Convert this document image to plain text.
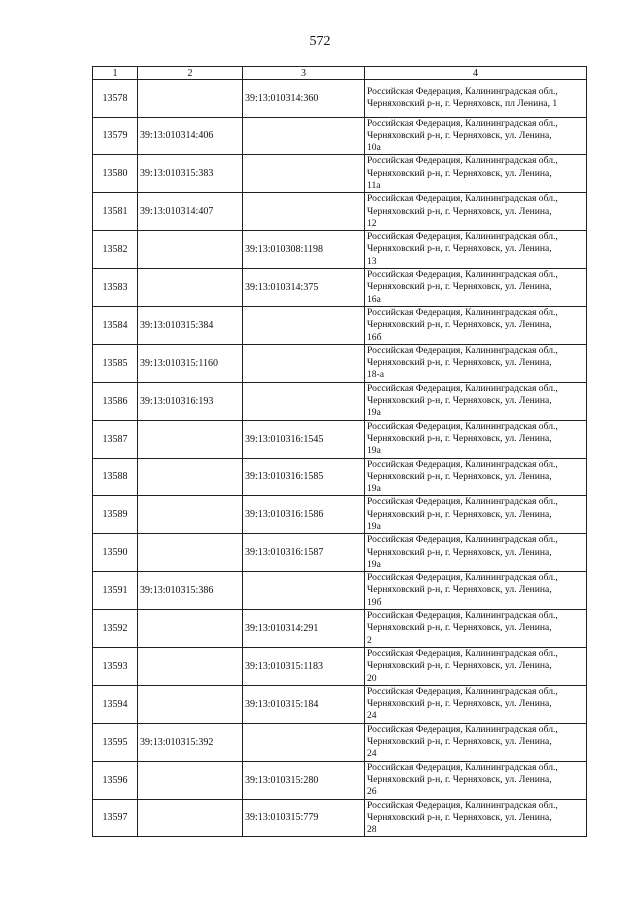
572
1	2	3	4
13578		39:13:010314:360	Российская Федерация, Калининградская обл.,
Черняховский р-н, г. Черняховск, пл Ленина, 1
13579	39:13:010314:406		Российская Федерация, Калининградская обл.,
Черняховский р-н, г. Черняховск, ул. Ленина,
10а
13580	39:13:010315:383		Российская Федерация, Калининградская обл.,
Черняховский р-н, г. Черняховск, ул. Ленина,
11а
13581	39:13:010314:407		Российская Федерация, Калининградская обл.,
Черняховский р-н, г. Черняховск, ул. Ленина,
12
13582		39:13:010308:1198	Российская Федерация, Калининградская обл.,
Черняховский р-н, г. Черняховск, ул. Ленина,
13
13583		39:13:010314:375	Российская Федерация, Калининградская обл.,
Черняховский р-н, г. Черняховск, ул. Ленина,
16а
13584	39:13:010315:384		Российская Федерация, Калининградская обл.,
Черняховский р-н, г. Черняховск, ул. Ленина,
16б
13585	39:13:010315:1160		Российская Федерация, Калининградская обл.,
Черняховский р-н, г. Черняховск, ул. Ленина,
18-а
13586	39:13:010316:193		Российская Федерация, Калининградская обл.,
Черняховский р-н, г. Черняховск, ул. Ленина,
19а
13587		39:13:010316:1545	Российская Федерация, Калининградская обл.,
Черняховский р-н, г. Черняховск, ул. Ленина,
19а
13588		39:13:010316:1585	Российская Федерация, Калининградская обл.,
Черняховский р-н, г. Черняховск, ул. Ленина,
19а
13589		39:13:010316:1586	Российская Федерация, Калининградская обл.,
Черняховский р-н, г. Черняховск, ул. Ленина,
19а
13590		39:13:010316:1587	Российская Федерация, Калининградская обл.,
Черняховский р-н, г. Черняховск, ул. Ленина,
19а
13591	39:13:010315:386		Российская Федерация, Калининградская обл.,
Черняховский р-н, г. Черняховск, ул. Ленина,
19б
13592		39:13:010314:291	Российская Федерация, Калининградская обл.,
Черняховский р-н, г. Черняховск, ул. Ленина,
2
13593		39:13:010315:1183	Российская Федерация, Калининградская обл.,
Черняховский р-н, г. Черняховск, ул. Ленина,
20
13594		39:13:010315:184	Российская Федерация, Калининградская обл.,
Черняховский р-н, г. Черняховск, ул. Ленина,
24
13595	39:13:010315:392		Российская Федерация, Калининградская обл.,
Черняховский р-н, г. Черняховск, ул. Ленина,
24
13596		39:13:010315:280	Российская Федерация, Калининградская обл.,
Черняховский р-н, г. Черняховск, ул. Ленина,
26
13597		39:13:010315:779	Российская Федерация, Калининградская обл.,
Черняховский р-н, г. Черняховск, ул. Ленина,
28
